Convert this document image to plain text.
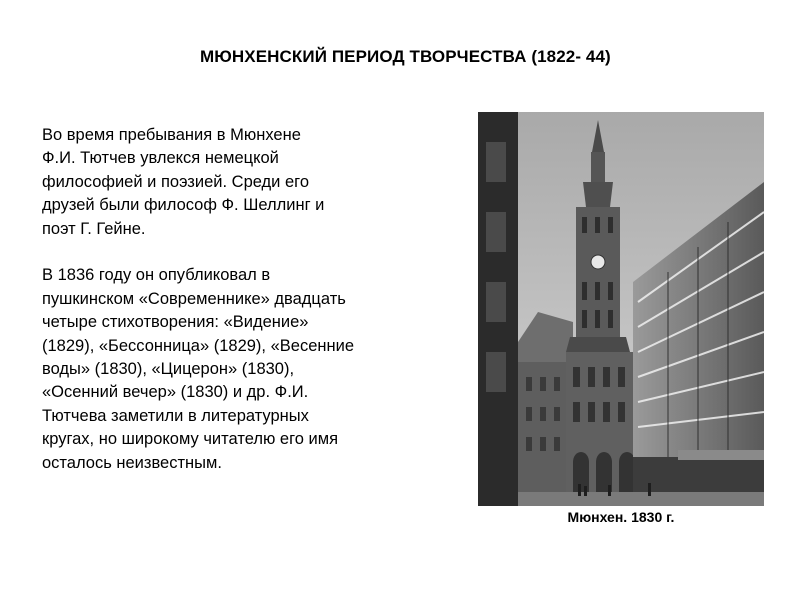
МЮНХЕНСКИЙ ПЕРИОД ТВОРЧЕСТВА (1822- 44)

Во время пребывания в Мюнхене
Ф.И. Тютчев увлекся немецкой
философией и поэзией. Среди его
друзей были философ Ф. Шеллинг и
поэт Г. Гейне.

В 1836 году он опубликовал в
пушкинском «Современнике» двадцать
четыре стихотворения: «Видение»
(1829), «Бессонница» (1829), «Весенние
воды» (1830), «Цицерон» (1830),
«Осенний вечер» (1830) и др. Ф.И.
Тютчева заметили в литературных
кругах, но широкому читателю его имя
осталось неизвестным.

Мюнхен. 1830 г.
